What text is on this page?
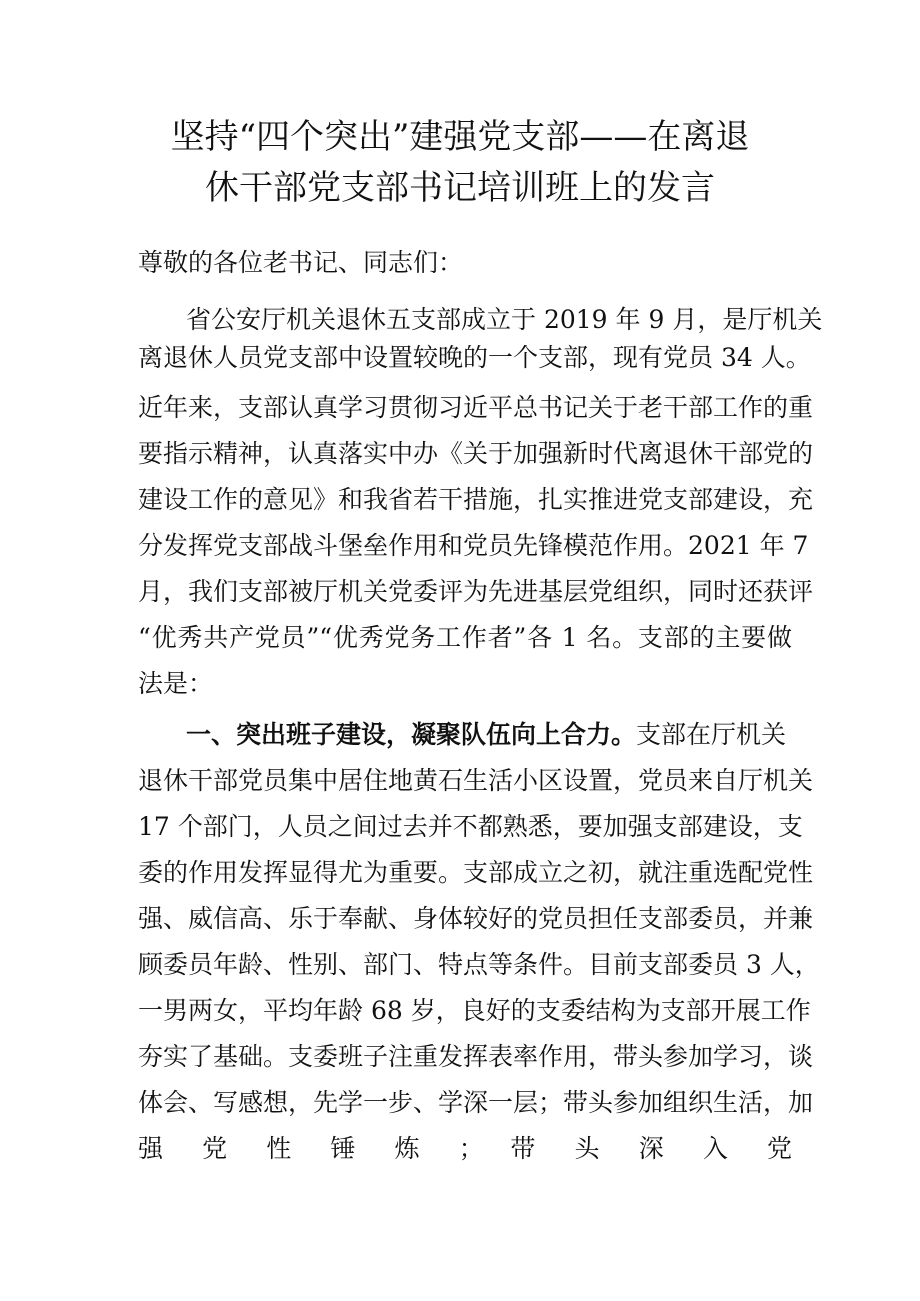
坚持“四个突出”建强党支部——在离退
休干部党支部书记培训班上的发言
尊敬的各位老书记、同志们：
省公安厅机关退休五支部成立于 2019 年 9 月，是厅机关
离退休人员党支部中设置较晚的一个支部，现有党员 34 人。
近年来，支部认真学习贯彻习近平总书记关于老干部工作的重
要指示精神，认真落实中办《关于加强新时代离退休干部党的
建设工作的意见》和我省若干措施，扎实推进党支部建设，充
分发挥党支部战斗堡垒作用和党员先锋模范作用。2021 年 7
月，我们支部被厅机关党委评为先进基层党组织，同时还获评
“优秀共产党员”“优秀党务工作者”各 1 名。支部的主要做
法是：
一、突出班子建设，凝聚队伍向上合力。支部在厅机关
退休干部党员集中居住地黄石生活小区设置，党员来自厅机关
17 个部门，人员之间过去并不都熟悉，要加强支部建设，支
委的作用发挥显得尤为重要。支部成立之初，就注重选配党性
强、威信高、乐于奉献、身体较好的党员担任支部委员，并兼
顾委员年龄、性别、部门、特点等条件。目前支部委员 3 人，
一男两女，平均年龄 68 岁，良好的支委结构为支部开展工作
夯实了基础。支委班子注重发挥表率作用，带头参加学习，谈
体会、写感想，先学一步、学深一层；带头参加组织生活，加
强　党　性　锤　炼　；　带　头　深　入　党
